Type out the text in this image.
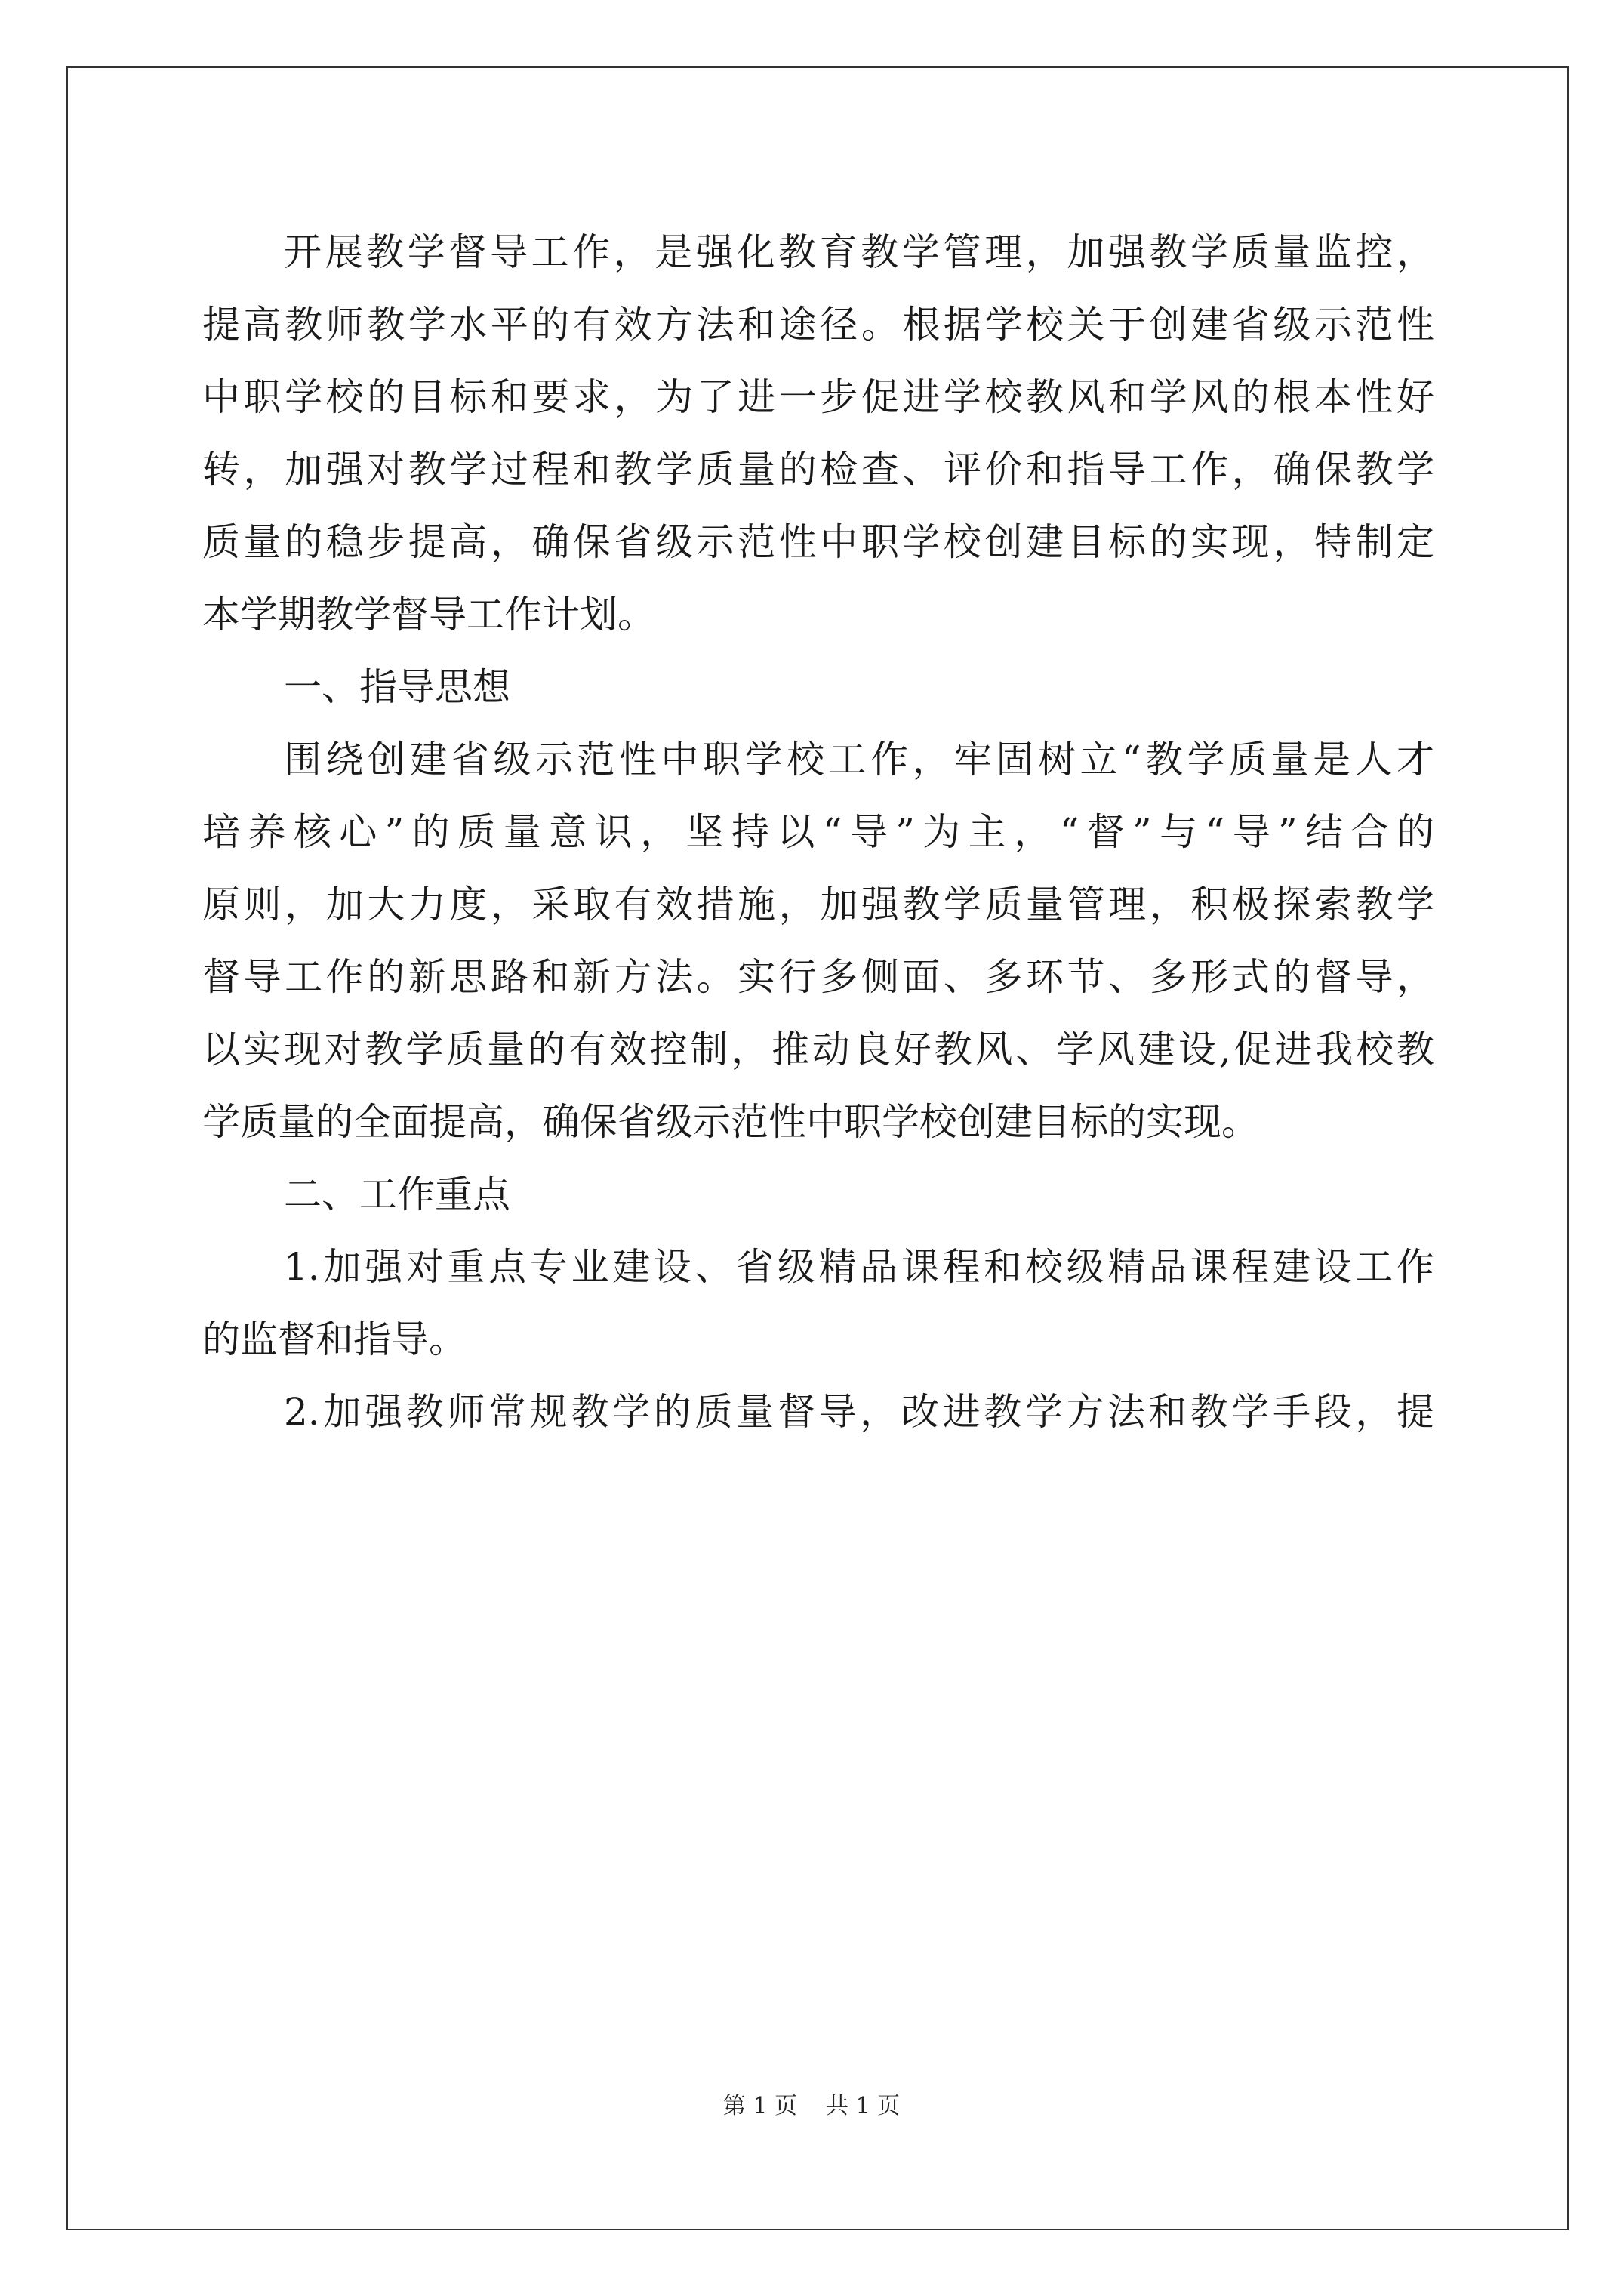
开展教学督导工作，是强化教育教学管理，加强教学质量监控，
提高教师教学水平的有效方法和途径。根据学校关于创建省级示范性
中职学校的目标和要求，为了进一步促进学校教风和学风的根本性好
转，加强对教学过程和教学质量的检查、评价和指导工作，确保教学
质量的稳步提高，确保省级示范性中职学校创建目标的实现，特制定
本学期教学督导工作计划。
一、指导思想
围绕创建省级示范性中职学校工作，牢固树立“教学质量是人才
培养核心”的质量意识，坚持以“导”为主，“督”与“导”结合的
原则，加大力度，采取有效措施，加强教学质量管理，积极探索教学
督导工作的新思路和新方法。实行多侧面、多环节、多形式的督导，
以实现对教学质量的有效控制，推动良好教风、学风建设,促进我校教
学质量的全面提高，确保省级示范性中职学校创建目标的实现。
二、工作重点
1.加强对重点专业建设、省级精品课程和校级精品课程建设工作
的监督和指导。
2.加强教师常规教学的质量督导，改进教学方法和教学手段，提
第 1 页 共 1 页
